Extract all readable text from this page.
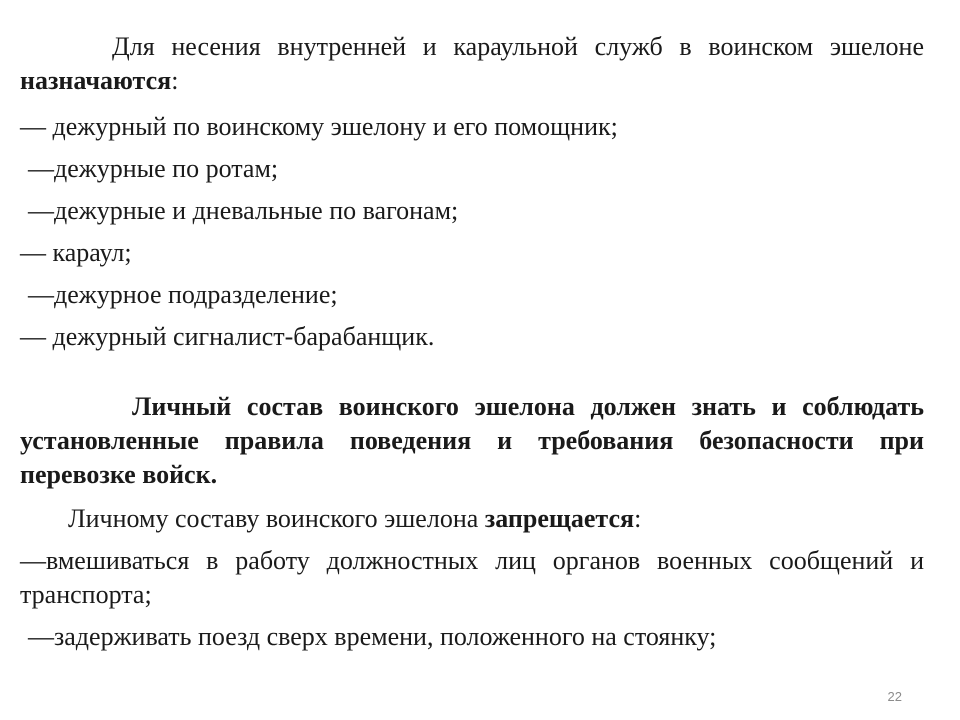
Для несения внутренней и караульной служб в воинском эшелоне назначаются:

— дежурный по воинскому эшелону и его помощник;

—дежурные по ротам;

—дежурные и дневальные по вагонам;

— караул;

—дежурное подразделение;

— дежурный сигналист-барабанщик.

Личный состав воинского эшелона должен знать и соблюдать установленные правила поведения и требования безопасности при перевозке войск.

Личному составу воинского эшелона запрещается:

—вмешиваться в работу должностных лиц органов военных сообщений и транспорта;

—задерживать поезд сверх времени, положенного на стоянку;

22
